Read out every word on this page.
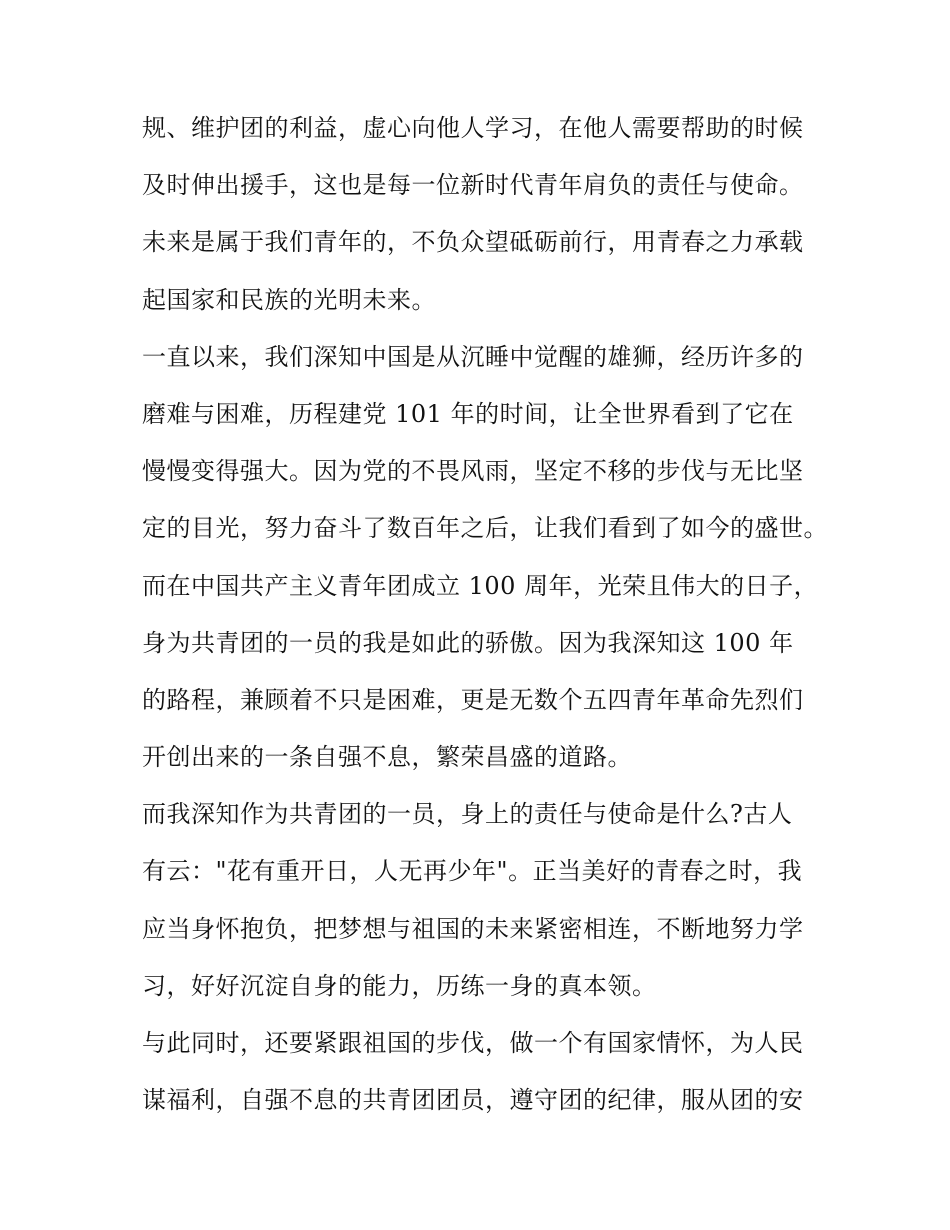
规、维护团的利益，虚心向他人学习，在他人需要帮助的时候
及时伸出援手，这也是每一位新时代青年肩负的责任与使命。
未来是属于我们青年的，不负众望砥砺前行，用青春之力承载
起国家和民族的光明未来。
一直以来，我们深知中国是从沉睡中觉醒的雄狮，经历许多的
磨难与困难，历程建党 101 年的时间，让全世界看到了它在
慢慢变得强大。因为党的不畏风雨，坚定不移的步伐与无比坚
定的目光，努力奋斗了数百年之后，让我们看到了如今的盛世。
而在中国共产主义青年团成立 100 周年，光荣且伟大的日子，
身为共青团的一员的我是如此的骄傲。因为我深知这 100 年
的路程，兼顾着不只是困难，更是无数个五四青年革命先烈们
开创出来的一条自强不息，繁荣昌盛的道路。
而我深知作为共青团的一员，身上的责任与使命是什么?古人
有云："花有重开日，人无再少年"。正当美好的青春之时，我
应当身怀抱负，把梦想与祖国的未来紧密相连，不断地努力学
习，好好沉淀自身的能力，历练一身的真本领。
与此同时，还要紧跟祖国的步伐，做一个有国家情怀，为人民
谋福利，自强不息的共青团团员，遵守团的纪律，服从团的安
